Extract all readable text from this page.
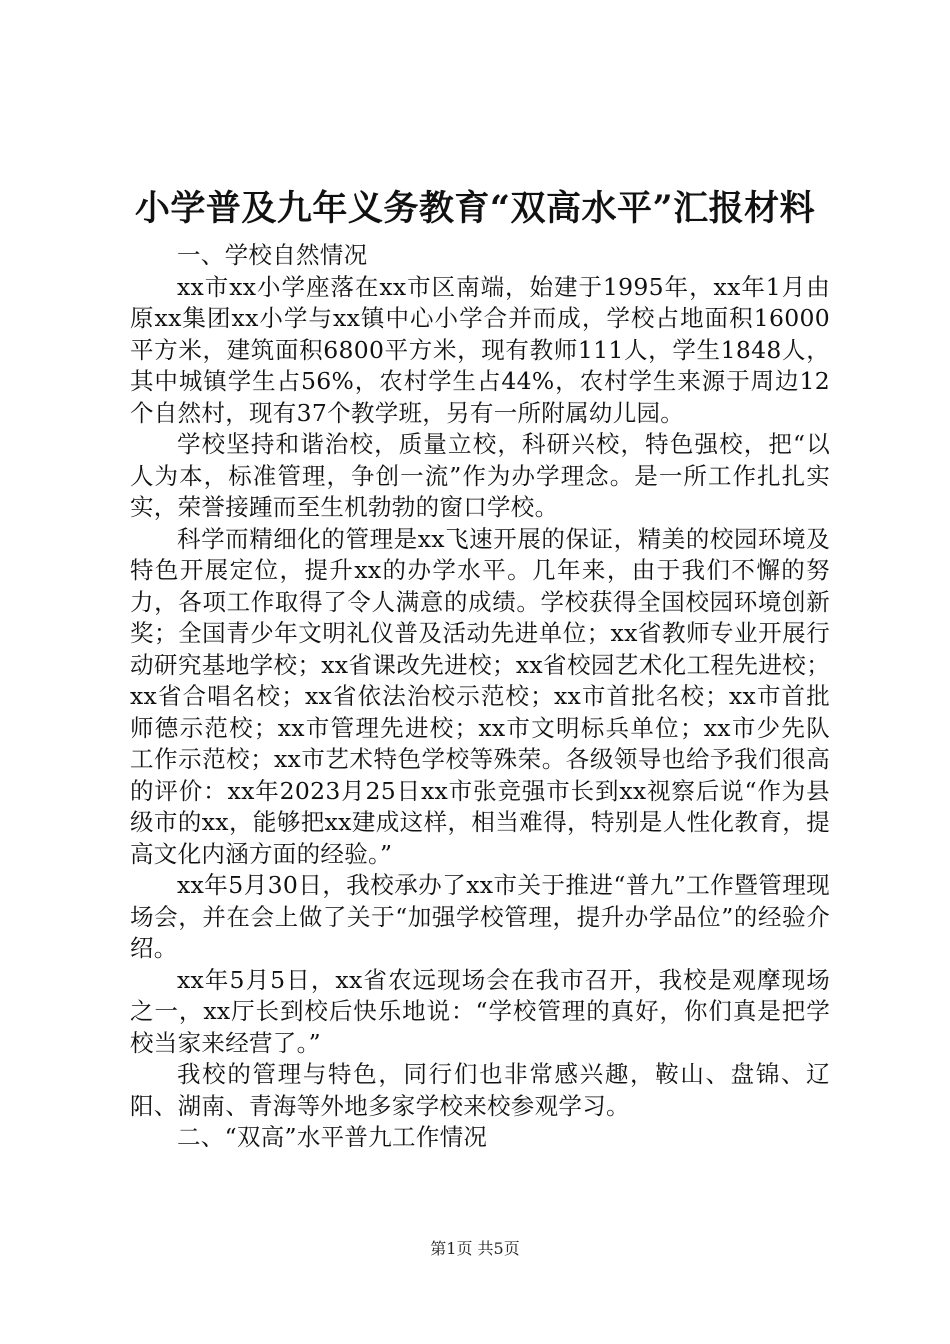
小学普及九年义务教育“双高水平”汇报材料

一、学校自然情况

xx市xx小学座落在xx市区南端，始建于1995年，xx年1月由原xx集团xx小学与xx镇中心小学合并而成，学校占地面积16000平方米，建筑面积6800平方米，现有教师111人，学生1848人，其中城镇学生占56%，农村学生占44%，农村学生来源于周边12个自然村，现有37个教学班，另有一所附属幼儿园。

学校坚持和谐治校，质量立校，科研兴校，特色强校，把“以人为本，标准管理，争创一流”作为办学理念。是一所工作扎扎实实，荣誉接踵而至生机勃勃的窗口学校。

科学而精细化的管理是xx飞速开展的保证，精美的校园环境及特色开展定位，提升xx的办学水平。几年来，由于我们不懈的努力，各项工作取得了令人满意的成绩。学校获得全国校园环境创新奖；全国青少年文明礼仪普及活动先进单位；xx省教师专业开展行动研究基地学校；xx省课改先进校；xx省校园艺术化工程先进校；xx省合唱名校；xx省依法治校示范校；xx市首批名校；xx市首批师德示范校；xx市管理先进校；xx市文明标兵单位；xx市少先队工作示范校；xx市艺术特色学校等殊荣。各级领导也给予我们很高的评价：xx年2023月25日xx市张竞强市长到xx视察后说“作为县级市的xx，能够把xx建成这样，相当难得，特别是人性化教育，提高文化内涵方面的经验。”

xx年5月30日，我校承办了xx市关于推进“普九”工作暨管理现场会，并在会上做了关于“加强学校管理，提升办学品位”的经验介绍。

xx年5月5日，xx省农远现场会在我市召开，我校是观摩现场之一，xx厅长到校后快乐地说：“学校管理的真好，你们真是把学校当家来经营了。”

我校的管理与特色，同行们也非常感兴趣，鞍山、盘锦、辽阳、湖南、青海等外地多家学校来校参观学习。

二、“双高”水平普九工作情况

第1页 共5页
